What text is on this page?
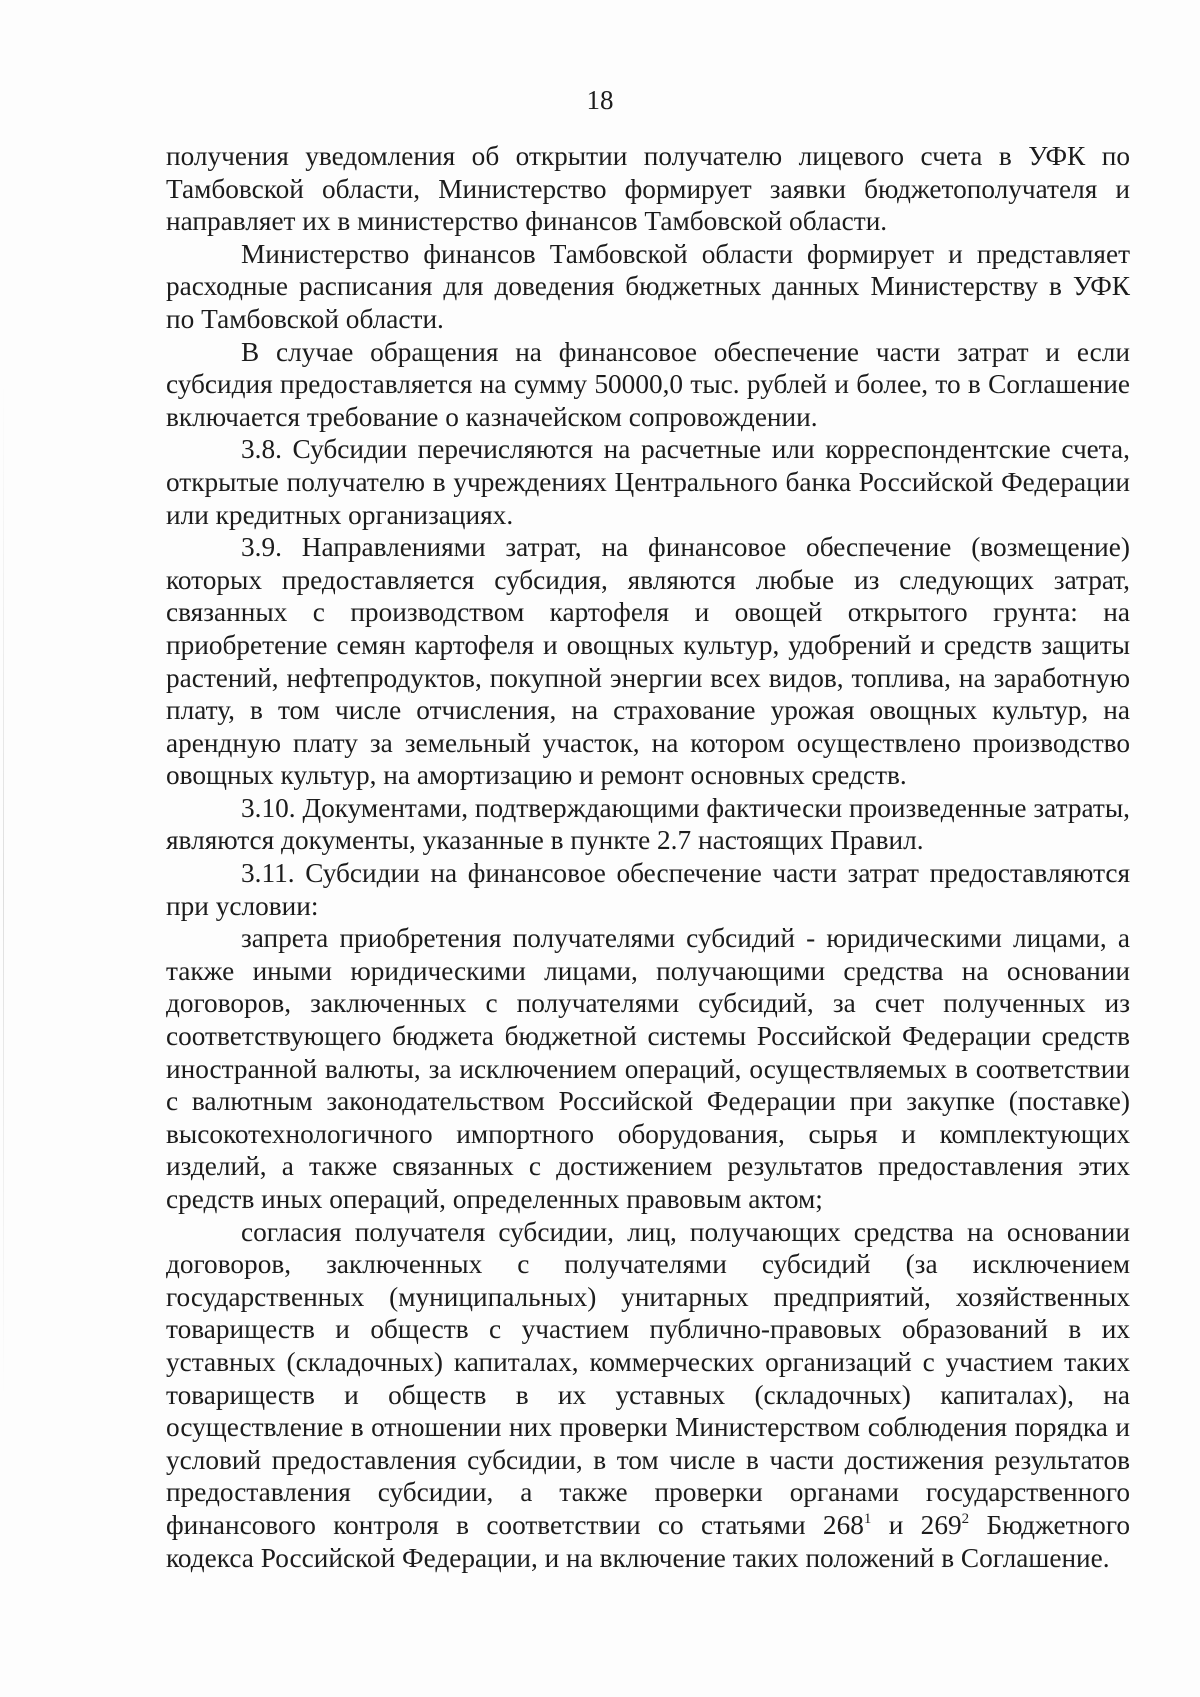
18

получения уведомления об открытии получателю лицевого счета в УФК по Тамбовской области, Министерство формирует заявки бюджетополучателя и направляет их в министерство финансов Тамбовской области.

Министерство финансов Тамбовской области формирует и представляет расходные расписания для доведения бюджетных данных Министерству в УФК по Тамбовской области.

В случае обращения на финансовое обеспечение части затрат и если субсидия предоставляется на сумму 50000,0 тыс. рублей и более, то в Соглашение включается требование о казначейском сопровождении.

3.8. Субсидии перечисляются на расчетные или корреспондентские счета, открытые получателю в учреждениях Центрального банка Российской Федерации или кредитных организациях.

3.9. Направлениями затрат, на финансовое обеспечение (возмещение) которых предоставляется субсидия, являются любые из следующих затрат, связанных с производством картофеля и овощей открытого грунта: на приобретение семян картофеля и овощных культур, удобрений и средств защиты растений, нефтепродуктов, покупной энергии всех видов, топлива, на заработную плату, в том числе отчисления, на страхование урожая овощных культур, на арендную плату за земельный участок, на котором осуществлено производство овощных культур, на амортизацию и ремонт основных средств.

3.10. Документами, подтверждающими фактически произведенные затраты, являются документы, указанные в пункте 2.7 настоящих Правил.

3.11. Субсидии на финансовое обеспечение части затрат предоставляются при условии:

запрета приобретения получателями субсидий - юридическими лицами, а также иными юридическими лицами, получающими средства на основании договоров, заключенных с получателями субсидий, за счет полученных из соответствующего бюджета бюджетной системы Российской Федерации средств иностранной валюты, за исключением операций, осуществляемых в соответствии с валютным законодательством Российской Федерации при закупке (поставке) высокотехнологичного импортного оборудования, сырья и комплектующих изделий, а также связанных с достижением результатов предоставления этих средств иных операций, определенных правовым актом;

согласия получателя субсидии, лиц, получающих средства на основании договоров, заключенных с получателями субсидий (за исключением государственных (муниципальных) унитарных предприятий, хозяйственных товариществ и обществ с участием публично-правовых образований в их уставных (складочных) капиталах, коммерческих организаций с участием таких товариществ и обществ в их уставных (складочных) капиталах), на осуществление в отношении них проверки Министерством соблюдения порядка и условий предоставления субсидии, в том числе в части достижения результатов предоставления субсидии, а также проверки органами государственного финансового контроля в соответствии со статьями $268^1$ и $269^2$ Бюджетного кодекса Российской Федерации, и на включение таких положений в Соглашение.
